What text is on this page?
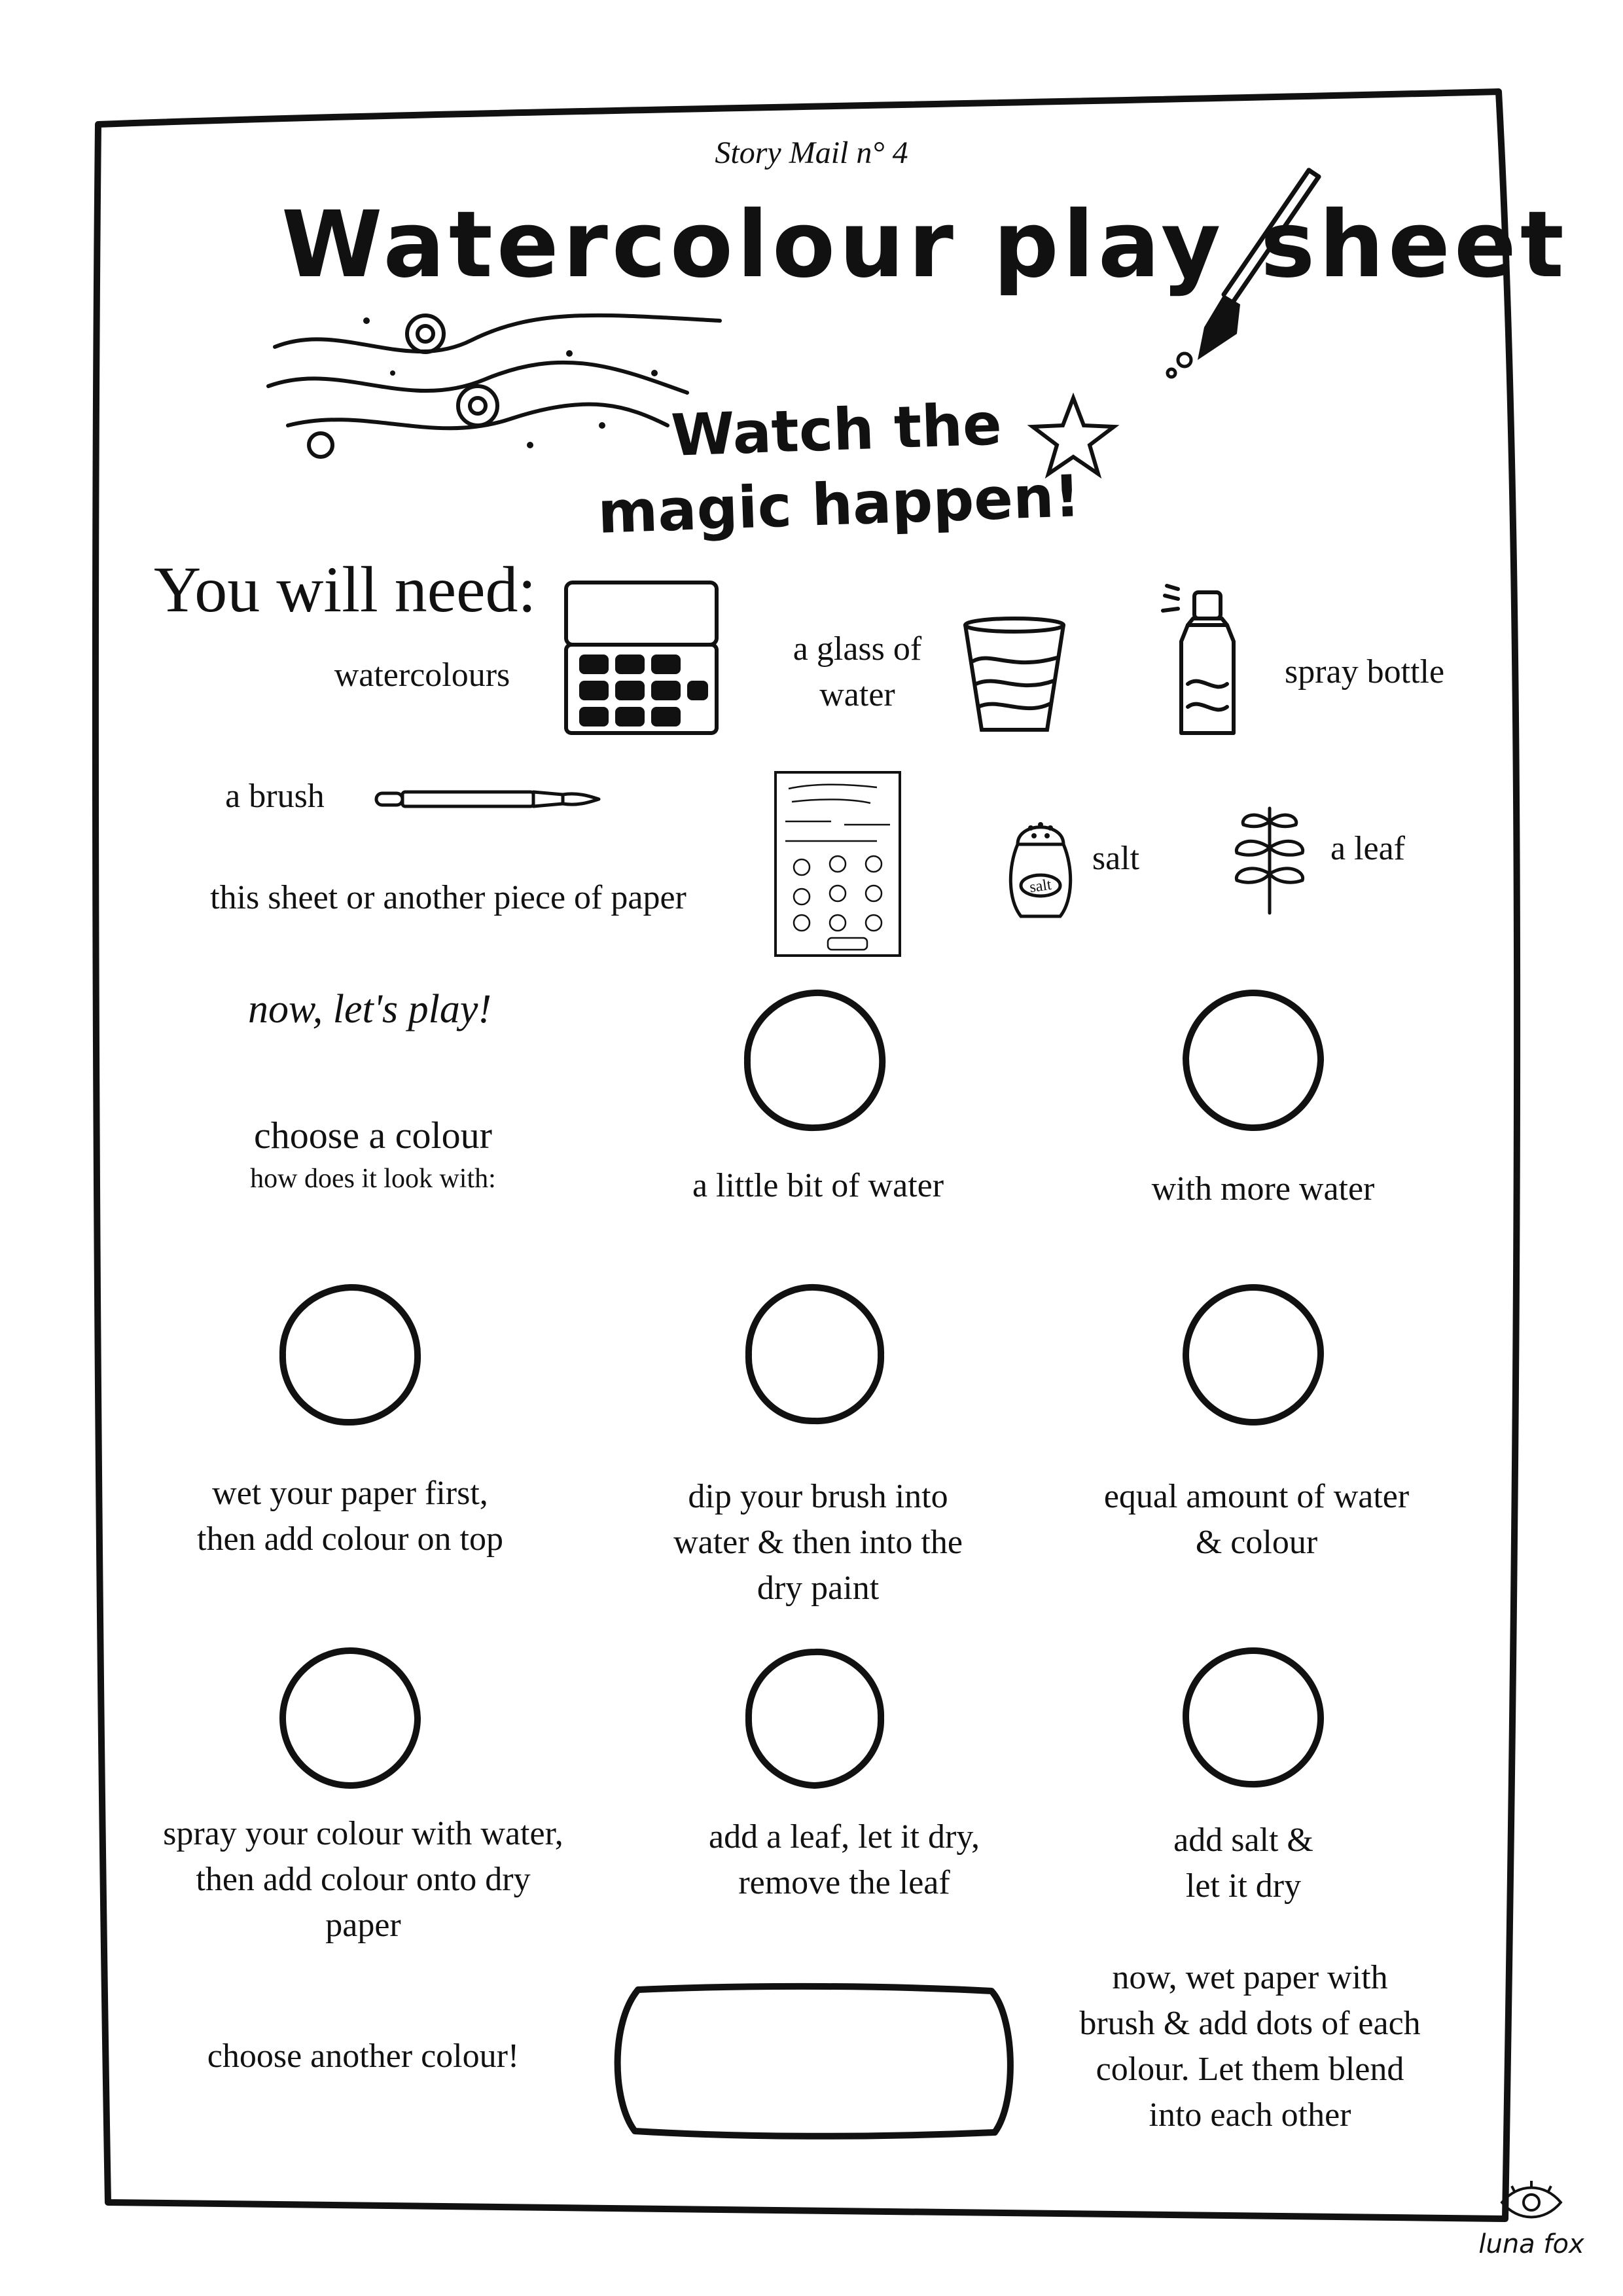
Story Mail n° 4
Watercolour play sheet
Watch the magic happen!
You will need:
watercolours
a glass of
water
spray bottle
a brush
this sheet or another piece of paper	salt
salt	a leaf
now, let's play!
choose a colour
how does it look with:	a little bit of water	with more water
wet your paper first,
then add colour on top
dip your brush into
water & then into the
dry paint
equal amount of water
& colour
spray your colour with water,
then add colour onto dry
paper
add a leaf, let it dry,
remove the leaf
add salt &
let it dry
choose another colour!
now, wet paper with
brush & add dots of each
colour. Let them blend
into each other
luna fox
